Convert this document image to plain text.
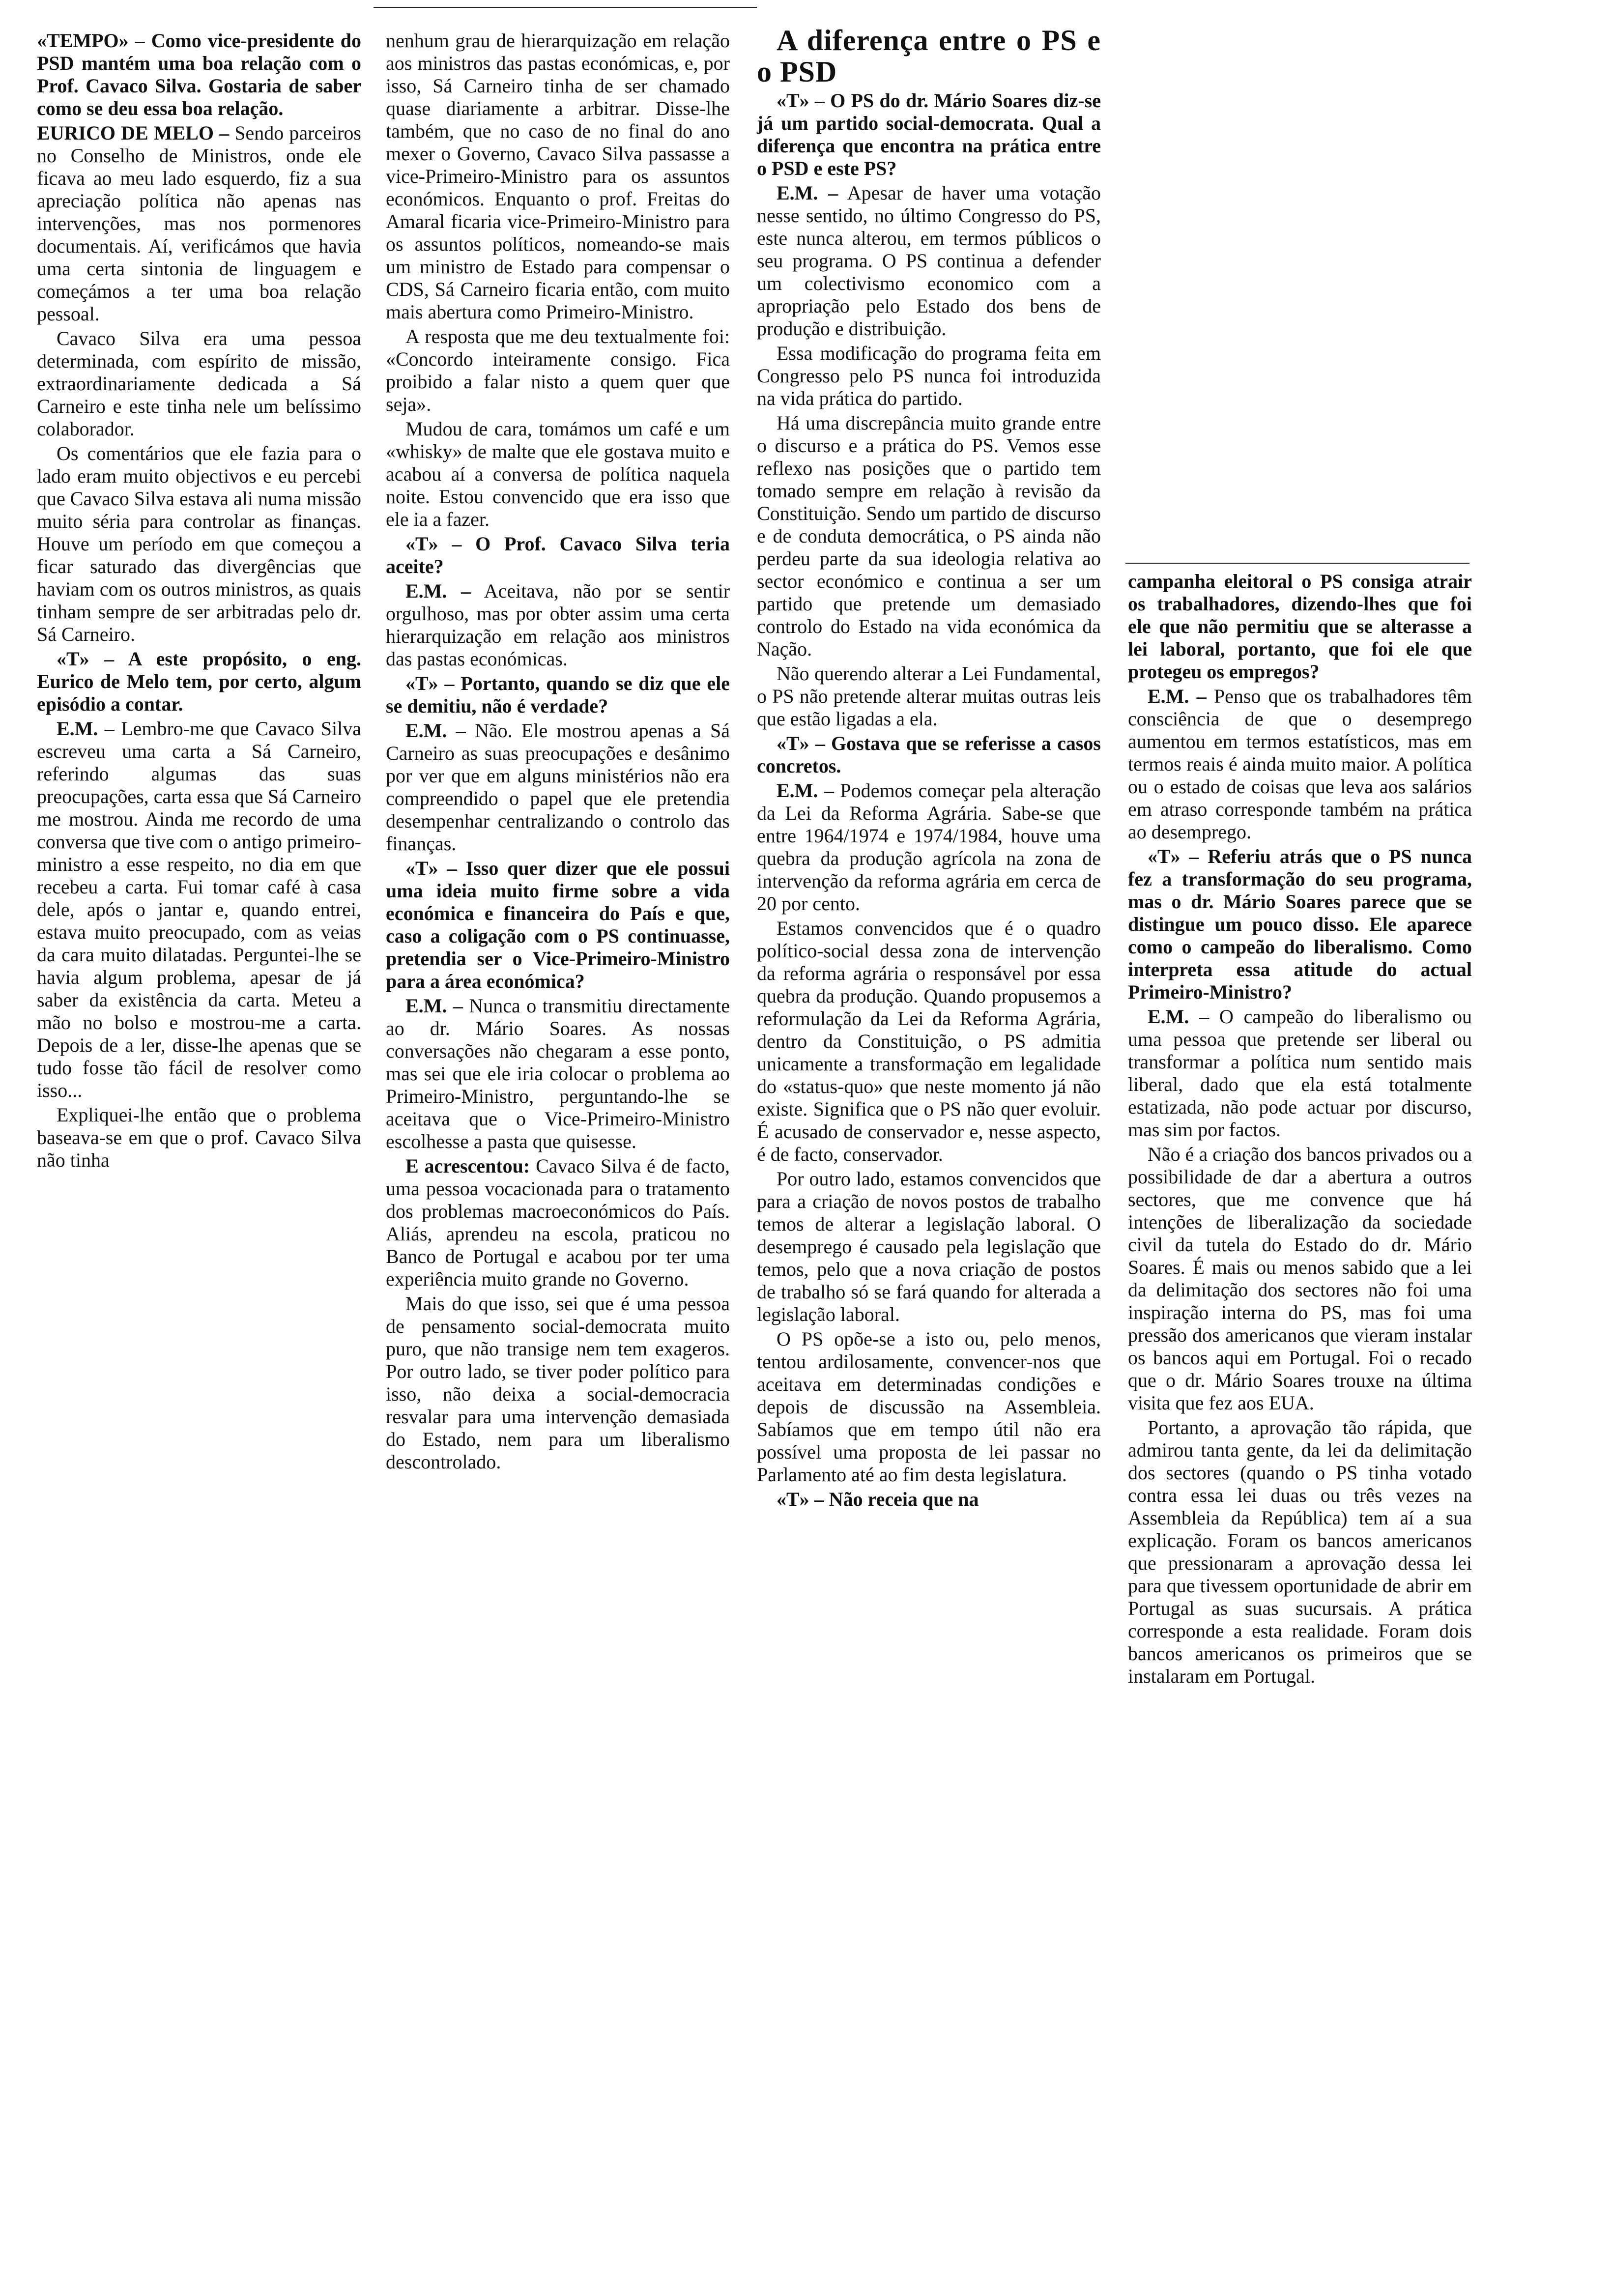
«TEMPO» – Como vice-presidente do PSD mantém uma boa relação com o Prof. Cavaco Silva. Gostaria de saber como se deu essa boa relação.

EURICO DE MELO – Sendo parceiros no Conselho de Ministros, onde ele ficava ao meu lado esquerdo, fiz a sua apreciação política não apenas nas intervenções, mas nos pormenores documentais. Aí, verificámos que havia uma certa sintonia de linguagem e começámos a ter uma boa relação pessoal.

Cavaco Silva era uma pessoa determinada, com espírito de missão, extraordinariamente dedicada a Sá Carneiro e este tinha nele um belíssimo colaborador.

Os comentários que ele fazia para o lado eram muito objectivos e eu percebi que Cavaco Silva estava ali numa missão muito séria para controlar as finanças. Houve um período em que começou a ficar saturado das divergências que haviam com os outros ministros, as quais tinham sempre de ser arbitradas pelo dr. Sá Carneiro.

«T» – A este propósito, o eng. Eurico de Melo tem, por certo, algum episódio a contar.

E.M. – Lembro-me que Cavaco Silva escreveu uma carta a Sá Carneiro, referindo algumas das suas preocupações, carta essa que Sá Carneiro me mostrou. Ainda me recordo de uma conversa que tive com o antigo primeiro-ministro a esse respeito, no dia em que recebeu a carta. Fui tomar café à casa dele, após o jantar e, quando entrei, estava muito preocupado, com as veias da cara muito dilatadas. Perguntei-lhe se havia algum problema, apesar de já saber da existência da carta. Meteu a mão no bolso e mostrou-me a carta. Depois de a ler, disse-lhe apenas que se tudo fosse tão fácil de resolver como isso...

Expliquei-lhe então que o problema baseava-se em que o prof. Cavaco Silva não tinha

nenhum grau de hierarquização em relação aos ministros das pastas económicas, e, por isso, Sá Carneiro tinha de ser chamado quase diariamente a arbitrar. Disse-lhe também, que no caso de no final do ano mexer o Governo, Cavaco Silva passasse a vice-Primeiro-Ministro para os assuntos económicos. Enquanto o prof. Freitas do Amaral ficaria vice-Primeiro-Ministro para os assuntos políticos, nomeando-se mais um ministro de Estado para compensar o CDS, Sá Carneiro ficaria então, com muito mais abertura como Primeiro-Ministro.

A resposta que me deu textualmente foi: «Concordo inteiramente consigo. Fica proibido a falar nisto a quem quer que seja».

Mudou de cara, tomámos um café e um «whisky» de malte que ele gostava muito e acabou aí a conversa de política naquela noite. Estou convencido que era isso que ele ia a fazer.

«T» – O Prof. Cavaco Silva teria aceite?

E.M. – Aceitava, não por se sentir orgulhoso, mas por obter assim uma certa hierarquização em relação aos ministros das pastas económicas.

«T» – Portanto, quando se diz que ele se demitiu, não é verdade?

E.M. – Não. Ele mostrou apenas a Sá Carneiro as suas preocupações e desânimo por ver que em alguns ministérios não era compreendido o papel que ele pretendia desempenhar centralizando o controlo das finanças.

«T» – Isso quer dizer que ele possui uma ideia muito firme sobre a vida económica e financeira do País e que, caso a coligação com o PS continuasse, pretendia ser o Vice-Primeiro-Ministro para a área económica?

E.M. – Nunca o transmitiu directamente ao dr. Mário Soares. As nossas conversações não chegaram a esse ponto, mas sei que ele iria colocar o problema ao Primeiro-Ministro, perguntando-lhe se aceitava que o Vice-Primeiro-Ministro escolhesse a pasta que quisesse.

E acrescentou: Cavaco Silva é de facto, uma pessoa vocacionada para o tratamento dos problemas macroeconómicos do País. Aliás, aprendeu na escola, praticou no Banco de Portugal e acabou por ter uma experiência muito grande no Governo.

Mais do que isso, sei que é uma pessoa de pensamento social-democrata muito puro, que não transige nem tem exageros. Por outro lado, se tiver poder político para isso, não deixa a social-democracia resvalar para uma intervenção demasiada do Estado, nem para um liberalismo descontrolado.

A diferença entre o PS e o PSD

«T» – O PS do dr. Mário Soares diz-se já um partido social-democrata. Qual a diferença que encontra na prática entre o PSD e este PS?

E.M. – Apesar de haver uma votação nesse sentido, no último Congresso do PS, este nunca alterou, em termos públicos o seu programa. O PS continua a defender um colectivismo economico com a apropriação pelo Estado dos bens de produção e distribuição.

Essa modificação do programa feita em Congresso pelo PS nunca foi introduzida na vida prática do partido.

Há uma discrepância muito grande entre o discurso e a prática do PS. Vemos esse reflexo nas posições que o partido tem tomado sempre em relação à revisão da Constituição. Sendo um partido de discurso e de conduta democrática, o PS ainda não perdeu parte da sua ideologia relativa ao sector económico e continua a ser um partido que pretende um demasiado controlo do Estado na vida económica da Nação.

Não querendo alterar a Lei Fundamental, o PS não pretende alterar muitas outras leis que estão ligadas a ela.

«T» – Gostava que se referisse a casos concretos.

E.M. – Podemos começar pela alteração da Lei da Reforma Agrária. Sabe-se que entre 1964/1974 e 1974/1984, houve uma quebra da produção agrícola na zona de intervenção da reforma agrária em cerca de 20 por cento.

Estamos convencidos que é o quadro político-social dessa zona de intervenção da reforma agrária o responsável por essa quebra da produção. Quando propusemos a reformulação da Lei da Reforma Agrária, dentro da Constituição, o PS admitia unicamente a transformação em legalidade do «status-quo» que neste momento já não existe. Significa que o PS não quer evoluir. É acusado de conservador e, nesse aspecto, é de facto, conservador.

Por outro lado, estamos convencidos que para a criação de novos postos de trabalho temos de alterar a legislação laboral. O desemprego é causado pela legislação que temos, pelo que a nova criação de postos de trabalho só se fará quando for alterada a legislação laboral.

O PS opõe-se a isto ou, pelo menos, tentou ardilosamente, convencer-nos que aceitava em determinadas condições e depois de discussão na Assembleia. Sabíamos que em tempo útil não era possível uma proposta de lei passar no Parlamento até ao fim desta legislatura.

«T» – Não receia que na

campanha eleitoral o PS consiga atrair os trabalhadores, dizendo-lhes que foi ele que não permitiu que se alterasse a lei laboral, portanto, que foi ele que protegeu os empregos?

E.M. – Penso que os trabalhadores têm consciência de que o desemprego aumentou em termos estatísticos, mas em termos reais é ainda muito maior. A política ou o estado de coisas que leva aos salários em atraso corresponde também na prática ao desemprego.

«T» – Referiu atrás que o PS nunca fez a transformação do seu programa, mas o dr. Mário Soares parece que se distingue um pouco disso. Ele aparece como o campeão do liberalismo. Como interpreta essa atitude do actual Primeiro-Ministro?

E.M. – O campeão do liberalismo ou uma pessoa que pretende ser liberal ou transformar a política num sentido mais liberal, dado que ela está totalmente estatizada, não pode actuar por discurso, mas sim por factos.

Não é a criação dos bancos privados ou a possibilidade de dar a abertura a outros sectores, que me convence que há intenções de liberalização da sociedade civil da tutela do Estado do dr. Mário Soares. É mais ou menos sabido que a lei da delimitação dos sectores não foi uma inspiração interna do PS, mas foi uma pressão dos americanos que vieram instalar os bancos aqui em Portugal. Foi o recado que o dr. Mário Soares trouxe na última visita que fez aos EUA.

Portanto, a aprovação tão rápida, que admirou tanta gente, da lei da delimitação dos sectores (quando o PS tinha votado contra essa lei duas ou três vezes na Assembleia da República) tem aí a sua explicação. Foram os bancos americanos que pressionaram a aprovação dessa lei para que tivessem oportunidade de abrir em Portugal as suas sucursais. A prática corresponde a esta realidade. Foram dois bancos americanos os primeiros que se instalaram em Portugal.
